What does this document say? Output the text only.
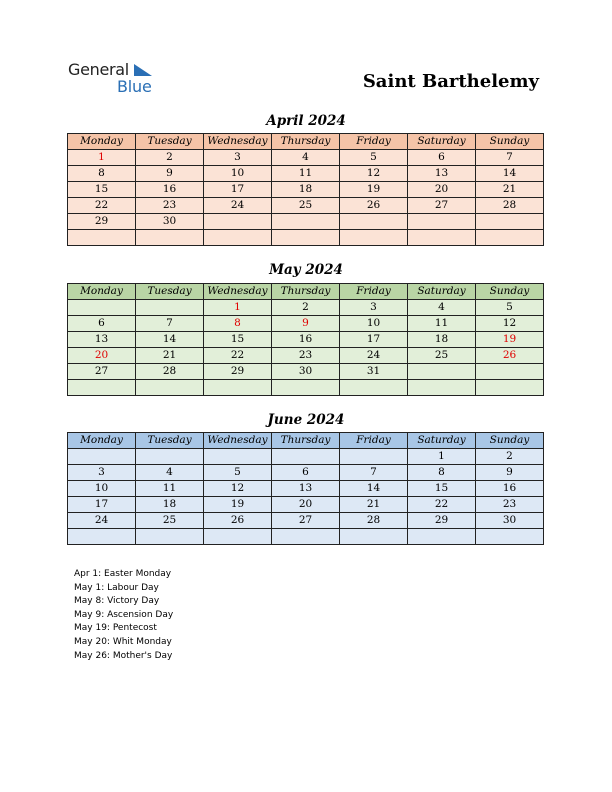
General
Blue	Saint Barthelemy
April 2024
Monday	Tuesday	Wednesday	Thursday	Friday	Saturday	Sunday
1	2	3	4	5	6	7
8	9	10	11	12	13	14
15	16	17	18	19	20	21
22	23	24	25	26	27	28
29	30					

May 2024
Monday	Tuesday	Wednesday	Thursday	Friday	Saturday	Sunday
		1	2	3	4	5
6	7	8	9	10	11	12
13	14	15	16	17	18	19
20	21	22	23	24	25	26
27	28	29	30	31		

June 2024
Monday	Tuesday	Wednesday	Thursday	Friday	Saturday	Sunday
					1	2
3	4	5	6	7	8	9
10	11	12	13	14	15	16
17	18	19	20	21	22	23
24	25	26	27	28	29	30

Apr 1: Easter Monday
May 1: Labour Day
May 8: Victory Day
May 9: Ascension Day
May 19: Pentecost
May 20: Whit Monday
May 26: Mother's Day
